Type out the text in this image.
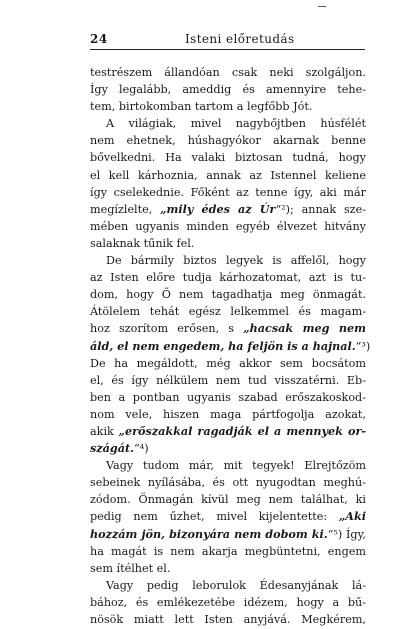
24	Isteni előretudás
testrészem állandóan csak neki szolgáljon.
Így legalább, ameddig és amennyire tehe-
tem, birtokomban tartom a legfőbb Jót.
A világiak, mivel nagybőjtben húsfélét
nem ehetnek, húshagyókor akarnak benne
bővelkedni. Ha valaki biztosan tudná, hogy
el kell kárhoznia, annak az Istennel keliene
így cselekednie. Főként az tenne így, aki már
megízlelte, „mily édes az Úr“²); annak sze-
mében ugyanis minden egyéb élvezet hitvány
salaknak tűnik fel.
De bármily biztos legyek is affelől, hogy
az Isten előre tudja kárhozatomat, azt is tu-
dom, hogy Ő nem tagadhatja meg önmagát.
Átölelem tehát egész lelkemmel és magam-
hoz szorítom erősen, s „hacsak meg nem
áld, el nem engedem, ha feljön is a hajnal.“³)
De ha megáldott, még akkor sem bocsátom
el, és így nélkülem nem tud visszatérni. Eb-
ben a pontban ugyanis szabad erőszakoskod-
nom vele, hiszen maga pártfogolja azokat,
akik „erőszakkal ragadják el a mennyek or-
szágát.“⁴)
Vagy tudom már, mit tegyek! Elrejtőzöm
sebeinek nyílásába, és ott nyugodtan meghú-
zódom. Önmagán kívül meg nem találhat, ki
pedig nem űzhet, mivel kijelentette: „Aki
hozzám jön, bizonyára nem dobom ki.“⁵) Így,
ha magát is nem akarja megbüntetni, engem
sem ítélhet el.
Vagy pedig leborulok Édesanyjának lá-
bához, és emlékezetébe idézem, hogy a bű-
nösök miatt lett Isten anyjává. Megkérem,
